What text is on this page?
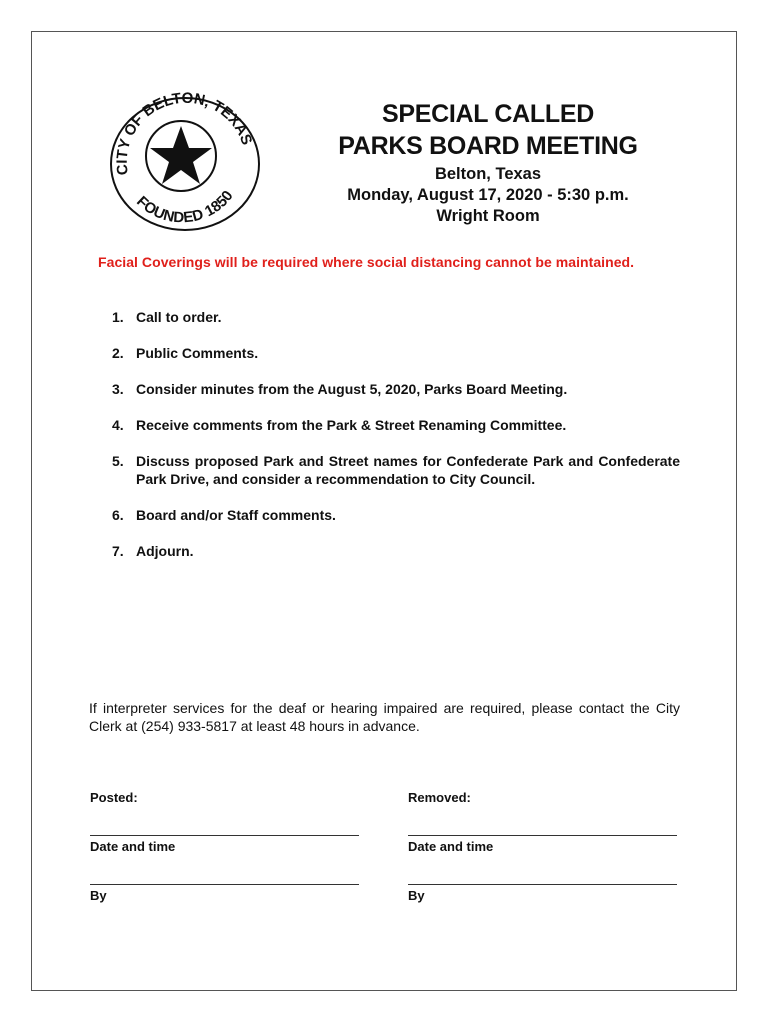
CITY OF BELTON, TEXAS
FOUNDED 1850
SPECIAL CALLED
PARKS BOARD MEETING
Belton, Texas
Monday, August 17, 2020 - 5:30 p.m.
Wright Room
Facial Coverings will be required where social distancing cannot be maintained.
1. Call to order.
2. Public Comments.
3. Consider minutes from the August 5, 2020, Parks Board Meeting.
4. Receive comments from the Park & Street Renaming Committee.
5. Discuss proposed Park and Street names for Confederate Park and Confederate Park Drive, and consider a recommendation to City Council.
6. Board and/or Staff comments.
7. Adjourn.
If interpreter services for the deaf or hearing impaired are required, please contact the City Clerk at (254) 933-5817 at least 48 hours in advance.
Posted:	Removed:
Date and time	Date and time
By	By
